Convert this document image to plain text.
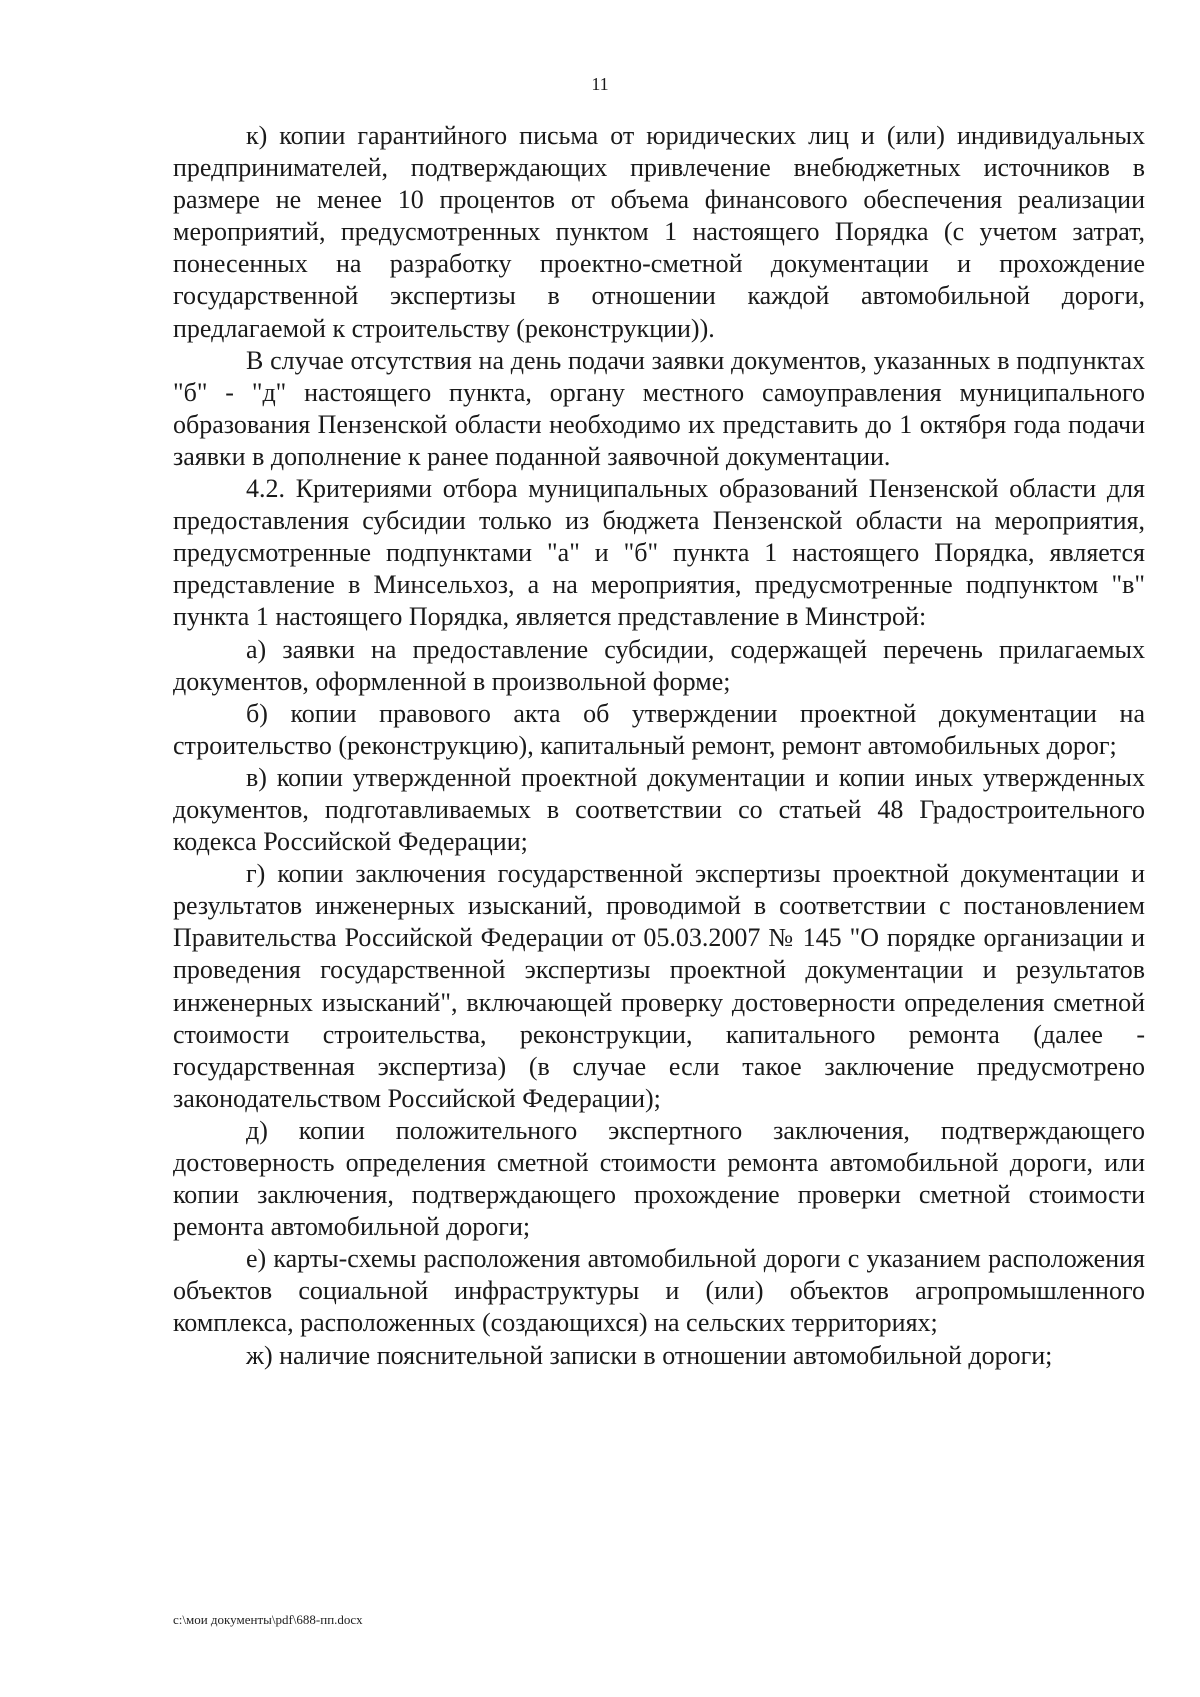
11

к) копии гарантийного письма от юридических лиц и (или) индивидуальных предпринимателей, подтверждающих привлечение внебюджетных источников в размере не менее 10 процентов от объема финансового обеспечения реализации мероприятий, предусмотренных пунктом 1 настоящего Порядка (с учетом затрат, понесенных на разработку проектно-сметной документации и прохождение государственной экспертизы в отношении каждой автомобильной дороги, предлагаемой к строительству (реконструкции)).

В случае отсутствия на день подачи заявки документов, указанных в подпунктах "б" - "д" настоящего пункта, органу местного самоуправления муниципального образования Пензенской области необходимо их представить до 1 октября года подачи заявки в дополнение к ранее поданной заявочной документации.

4.2. Критериями отбора муниципальных образований Пензенской области для предоставления субсидии только из бюджета Пензенской области на мероприятия, предусмотренные подпунктами "а" и "б" пункта 1 настоящего Порядка, является представление в Минсельхоз, а на мероприятия, предусмотренные подпунктом "в" пункта 1 настоящего Порядка, является представление в Минстрой:

а) заявки на предоставление субсидии, содержащей перечень прилагаемых документов, оформленной в произвольной форме;

б) копии правового акта об утверждении проектной документации на строительство (реконструкцию), капитальный ремонт, ремонт автомобильных дорог;

в) копии утвержденной проектной документации и копии иных утвержденных документов, подготавливаемых в соответствии со статьей 48 Градостроительного кодекса Российской Федерации;

г) копии заключения государственной экспертизы проектной документации и результатов инженерных изысканий, проводимой в соответствии с постановлением Правительства Российской Федерации от 05.03.2007 № 145 "О порядке организации и проведения государственной экспертизы проектной документации и результатов инженерных изысканий", включающей проверку достоверности определения сметной стоимости строительства, реконструкции, капитального ремонта (далее - государственная экспертиза) (в случае если такое заключение предусмотрено законодательством Российской Федерации);

д) копии положительного экспертного заключения, подтверждающего достоверность определения сметной стоимости ремонта автомобильной дороги, или копии заключения, подтверждающего прохождение проверки сметной стоимости ремонта автомобильной дороги;

е) карты-схемы расположения автомобильной дороги с указанием расположения объектов социальной инфраструктуры и (или) объектов агропромышленного комплекса, расположенных (создающихся) на сельских территориях;

ж) наличие пояснительной записки в отношении автомобильной дороги;

c:\мои документы\pdf\688-пп.docx
